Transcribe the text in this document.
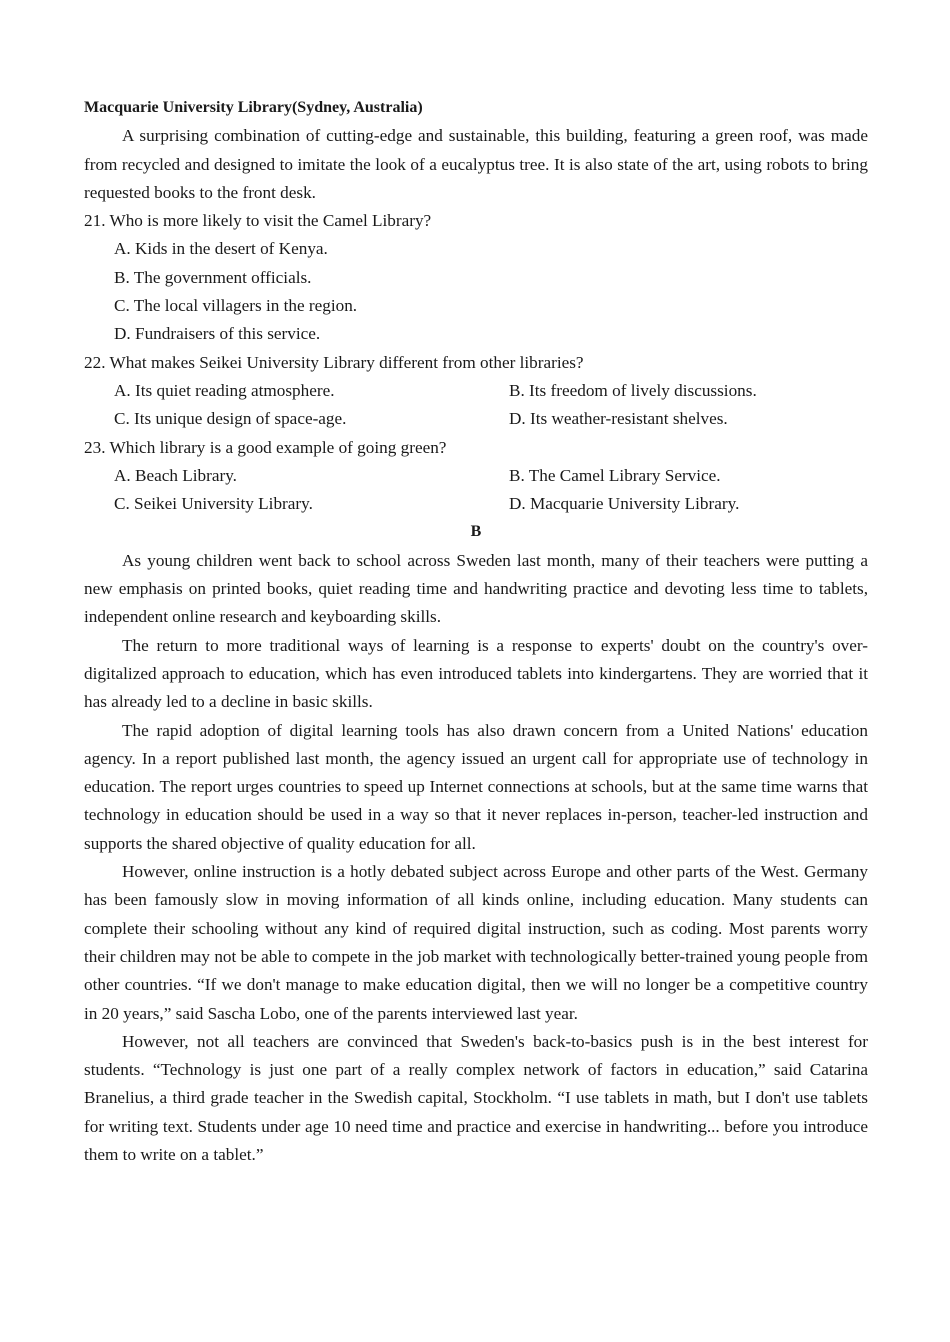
Macquarie University Library(Sydney, Australia)

A surprising combination of cutting-edge and sustainable, this building, featuring a green roof, was made from recycled and designed to imitate the look of a eucalyptus tree. It is also state of the art, using robots to bring requested books to the front desk.

21. Who is more likely to visit the Camel Library?
A. Kids in the desert of Kenya.
B. The government officials.
C. The local villagers in the region.
D. Fundraisers of this service.
22. What makes Seikei University Library different from other libraries?
A. Its quiet reading atmosphere.	B. Its freedom of lively discussions.
C. Its unique design of space-age.	D. Its weather-resistant shelves.
23. Which library is a good example of going green?
A. Beach Library.	B. The Camel Library Service.
C. Seikei University Library.	D. Macquarie University Library.
B

As young children went back to school across Sweden last month, many of their teachers were putting a new emphasis on printed books, quiet reading time and handwriting practice and devoting less time to tablets, independent online research and keyboarding skills.

The return to more traditional ways of learning is a response to experts' doubt on the country's over-digitalized approach to education, which has even introduced tablets into kindergartens. They are worried that it has already led to a decline in basic skills.

The rapid adoption of digital learning tools has also drawn concern from a United Nations' education agency. In a report published last month, the agency issued an urgent call for appropriate use of technology in education. The report urges countries to speed up Internet connections at schools, but at the same time warns that technology in education should be used in a way so that it never replaces in-person, teacher-led instruction and supports the shared objective of quality education for all.

However, online instruction is a hotly debated subject across Europe and other parts of the West. Germany has been famously slow in moving information of all kinds online, including education. Many students can complete their schooling without any kind of required digital instruction, such as coding. Most parents worry their children may not be able to compete in the job market with technologically better-trained young people from other countries. “If we don't manage to make education digital, then we will no longer be a competitive country in 20 years,” said Sascha Lobo, one of the parents interviewed last year.

However, not all teachers are convinced that Sweden's back-to-basics push is in the best interest for students. “Technology is just one part of a really complex network of factors in education,” said Catarina Branelius, a third grade teacher in the Swedish capital, Stockholm. “I use tablets in math, but I don't use tablets for writing text. Students under age 10 need time and practice and exercise in handwriting... before you introduce them to write on a tablet.”
